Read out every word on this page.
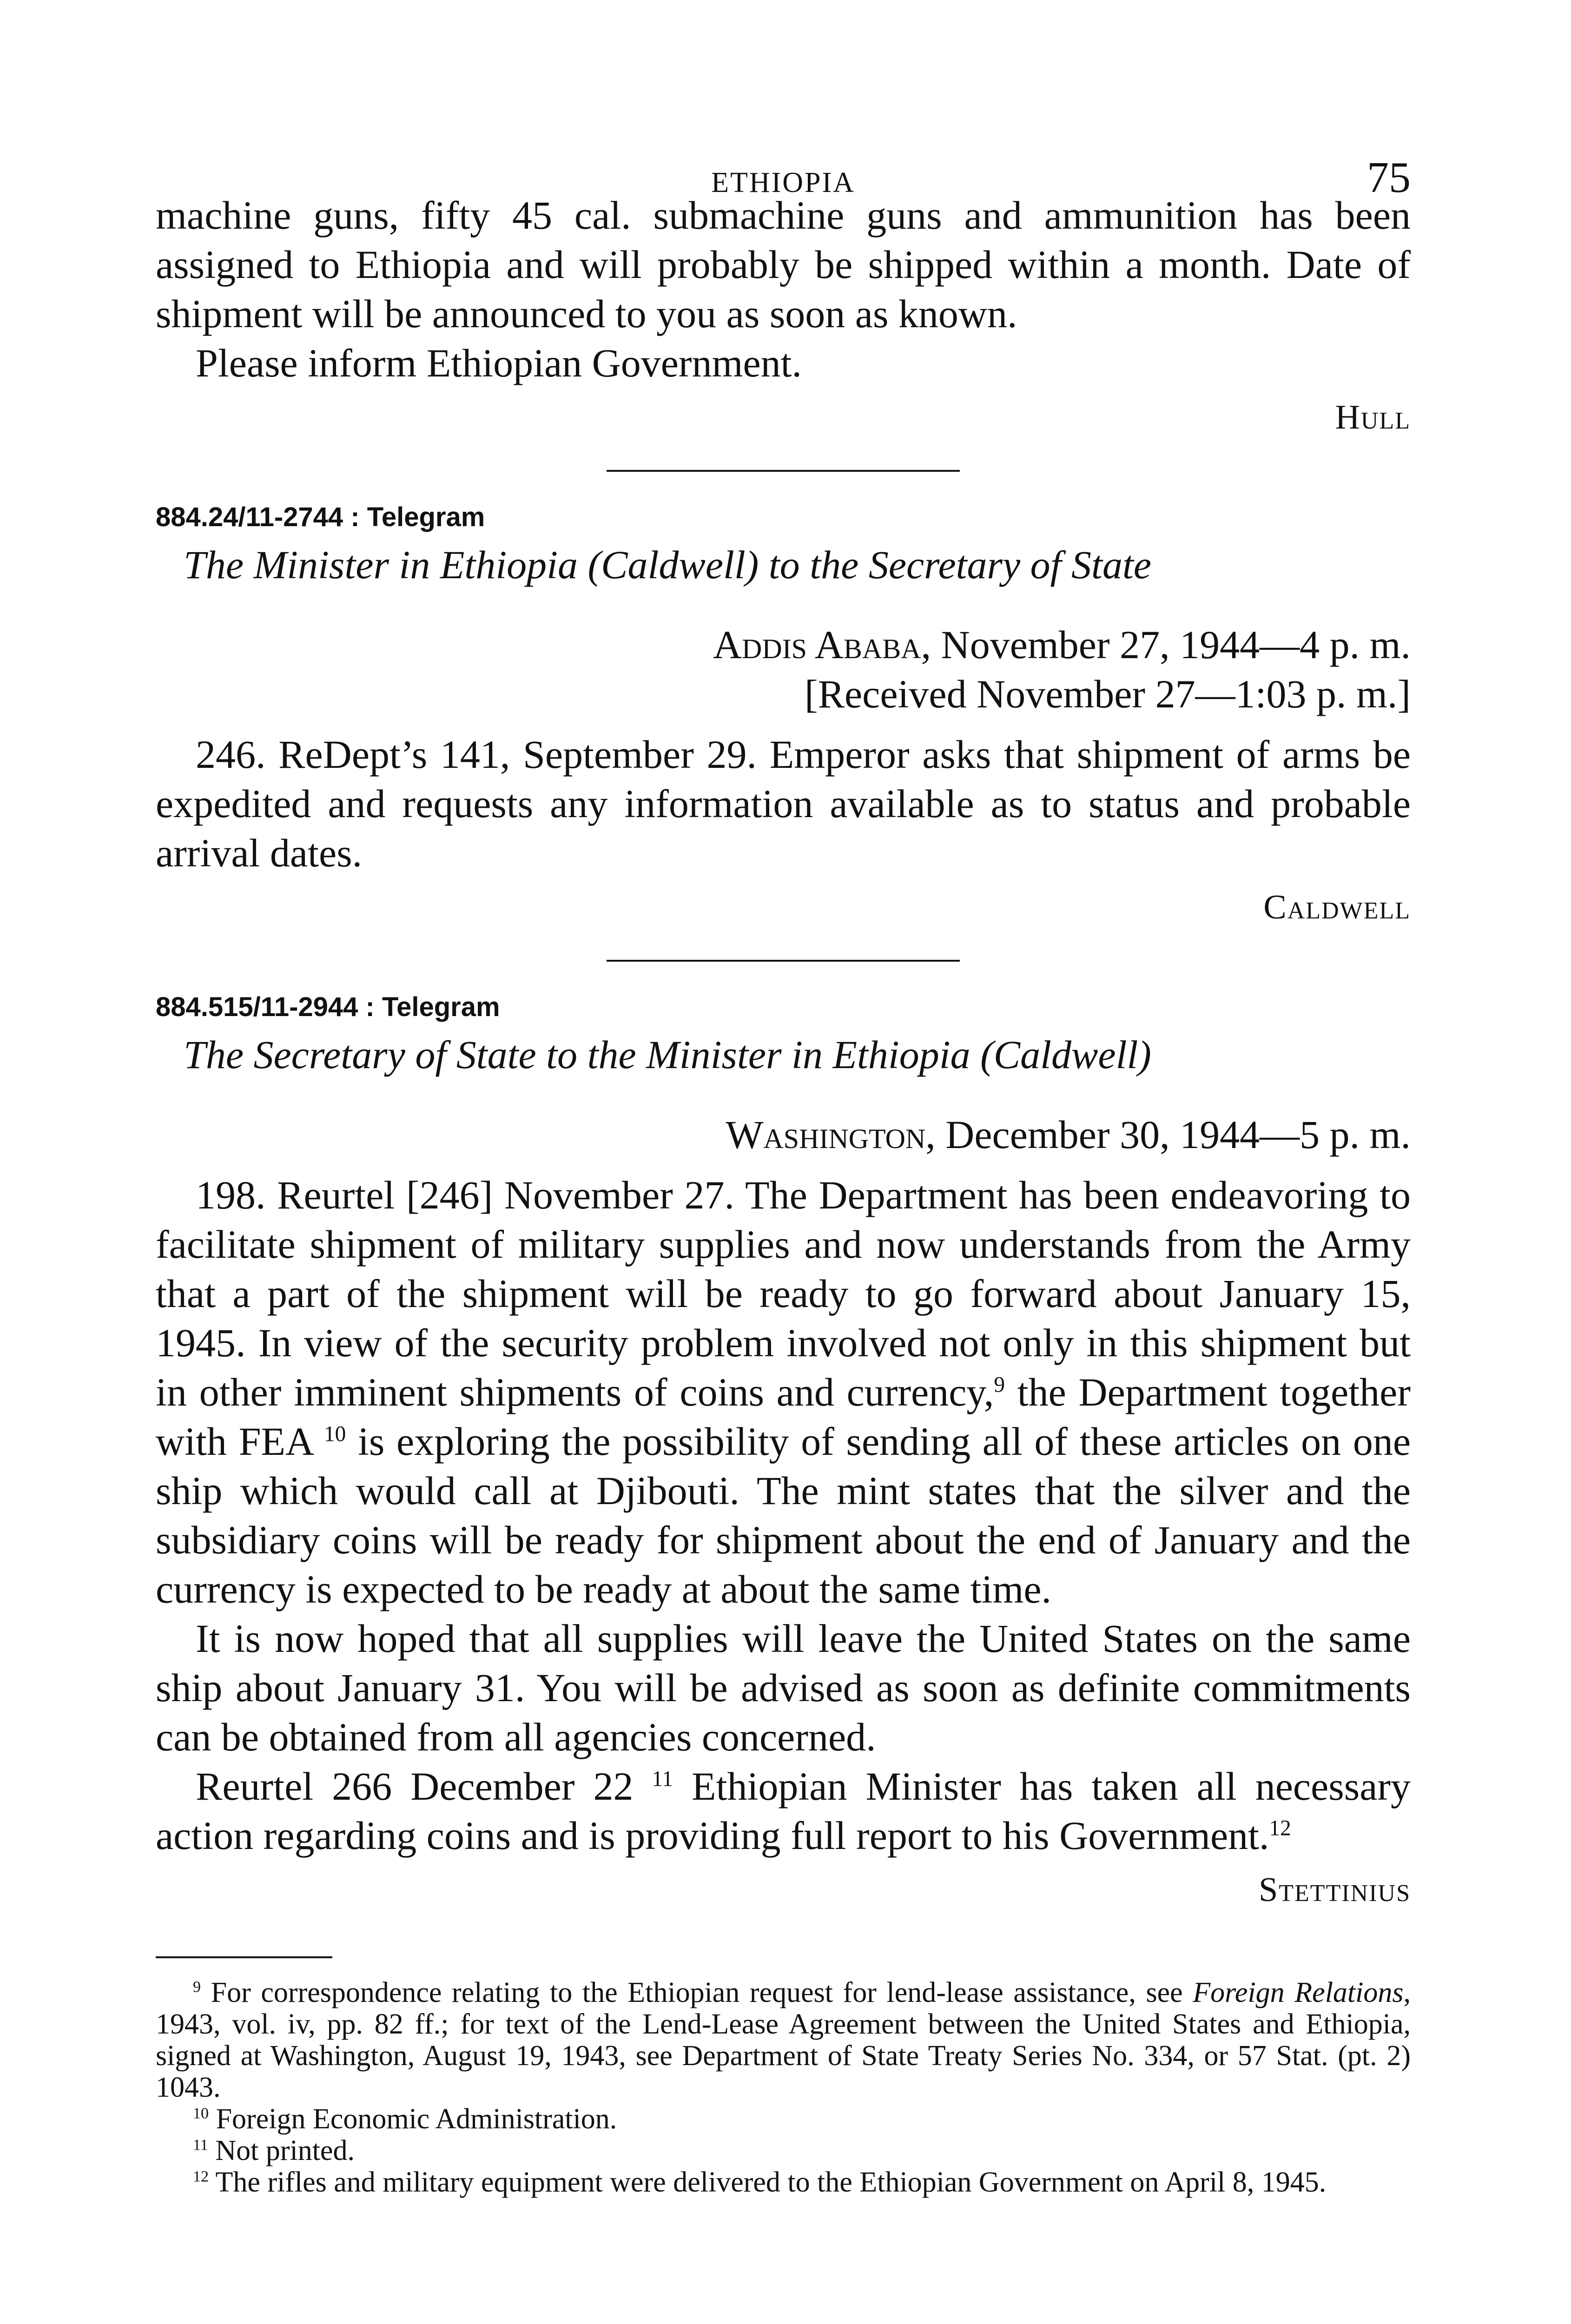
ETHIOPIA	75

machine guns, fifty 45 cal. submachine guns and ammunition has been assigned to Ethiopia and will probably be shipped within a month. Date of shipment will be announced to you as soon as known.

Please inform Ethiopian Government.

Hull

884.24/11-2744 : Telegram

The Minister in Ethiopia (Caldwell) to the Secretary of State

Addis Ababa, November 27, 1944—4 p. m.

[Received November 27—1:03 p. m.]

246. ReDept’s 141, September 29. Emperor asks that shipment of arms be expedited and requests any information available as to status and probable arrival dates.

Caldwell

884.515/11-2944 : Telegram

The Secretary of State to the Minister in Ethiopia (Caldwell)

Washington, December 30, 1944—5 p. m.

198. Reurtel [246] November 27. The Department has been endeavoring to facilitate shipment of military supplies and now understands from the Army that a part of the shipment will be ready to go forward about January 15, 1945. In view of the security problem involved not only in this shipment but in other imminent shipments of coins and currency,$^9$ the Department together with FEA $^{10}$ is exploring the possibility of sending all of these articles on one ship which would call at Djibouti. The mint states that the silver and the subsidiary coins will be ready for shipment about the end of January and the currency is expected to be ready at about the same time.

It is now hoped that all supplies will leave the United States on the same ship about January 31. You will be advised as soon as definite commitments can be obtained from all agencies concerned.

Reurtel 266 December 22 $^{11}$ Ethiopian Minister has taken all necessary action regarding coins and is providing full report to his Government.$^{12}$

Stettinius

$^9$ For correspondence relating to the Ethiopian request for lend-lease assistance, see Foreign Relations, 1943, vol. iv, pp. 82 ff.; for text of the Lend-Lease Agreement between the United States and Ethiopia, signed at Washington, August 19, 1943, see Department of State Treaty Series No. 334, or 57 Stat. (pt. 2) 1043.

$^{10}$ Foreign Economic Administration.

$^{11}$ Not printed.

$^{12}$ The rifles and military equipment were delivered to the Ethiopian Government on April 8, 1945.
